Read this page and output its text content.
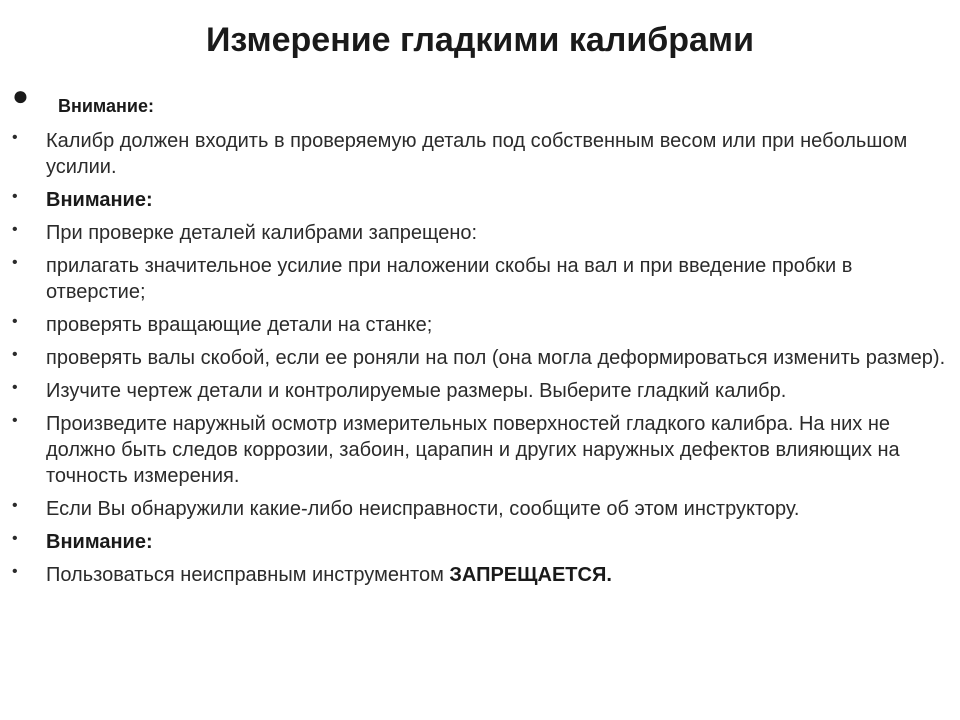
Измерение гладкими калибрами
● Внимание:
• Калибр должен входить в проверяемую деталь под собственным весом или при небольшом усилии.
• Внимание:
• При проверке деталей калибрами запрещено:
• прилагать значительное усилие при наложении скобы на вал и при введение пробки в отверстие;
• проверять вращающие детали на станке;
• проверять валы скобой, если ее роняли на пол (она могла деформироваться изменить размер).
• Изучите чертеж детали и контролируемые размеры. Выберите гладкий калибр.
• Произведите наружный осмотр измерительных поверхностей гладкого калибра. На них не должно быть следов коррозии, забоин, царапин и других наружных дефектов влияющих на точность измерения.
• Если Вы обнаружили какие-либо неисправности, сообщите об этом инструктору.
• Внимание:
• Пользоваться неисправным инструментом ЗАПРЕЩАЕТСЯ.
